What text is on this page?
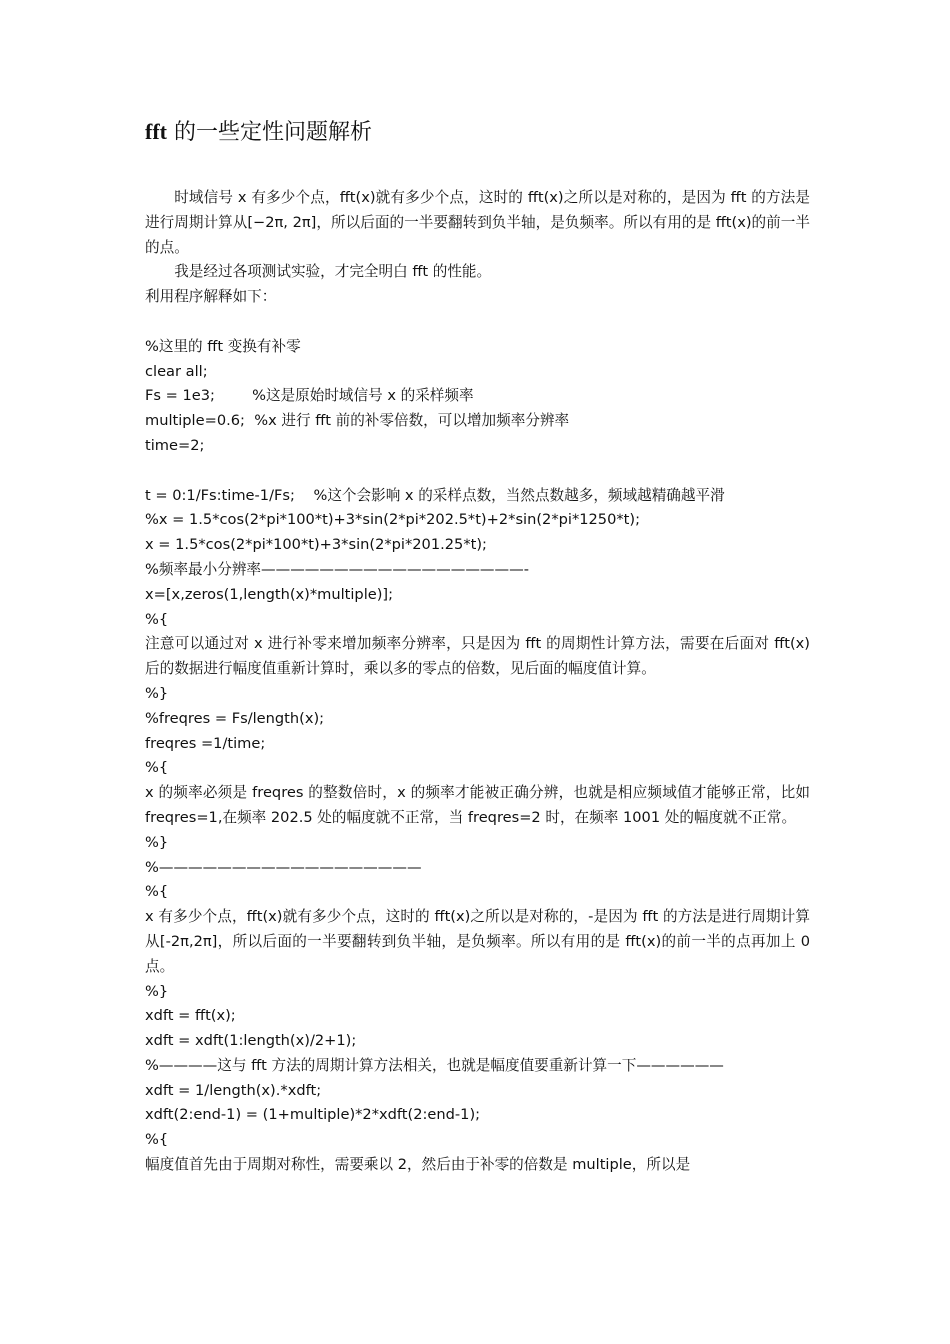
fft 的一些定性问题解析

时域信号 x 有多少个点，fft(x)就有多少个点，这时的 fft(x)之所以是对称的，是因为 fft 的方法是进行周期计算从[−2π, 2π]，所以后面的一半要翻转到负半轴，是负频率。所以有用的是 fft(x)的前一半的点。

我是经过各项测试实验，才完全明白 fft 的性能。

利用程序解释如下：

%这里的 fft 变换有补零

clear all;

Fs = 1e3;        %这是原始时域信号 x 的采样频率

multiple=0.6;  %x 进行 fft 前的补零倍数，可以增加频率分辨率

time=2;

t = 0:1/Fs:time-1/Fs;    %这个会影响 x 的采样点数，当然点数越多，频域越精确越平滑

%x = 1.5*cos(2*pi*100*t)+3*sin(2*pi*202.5*t)+2*sin(2*pi*1250*t);

x = 1.5*cos(2*pi*100*t)+3*sin(2*pi*201.25*t);

%频率最小分辨率——————————————————-

x=[x,zeros(1,length(x)*multiple)];

%{

注意可以通过对 x 进行补零来增加频率分辨率，只是因为 fft 的周期性计算方法，需要在后面对 fft(x)后的数据进行幅度值重新计算时，乘以多的零点的倍数，见后面的幅度值计算。

%}

%freqres = Fs/length(x);

freqres =1/time;

%{

x 的频率必须是 freqres 的整数倍时，x 的频率才能被正确分辨，也就是相应频域值才能够正常，比如 freqres=1,在频率 202.5 处的幅度就不正常，当 freqres=2 时，在频率 1001 处的幅度就不正常。

%}

%——————————————————

%{

x 有多少个点，fft(x)就有多少个点，这时的 fft(x)之所以是对称的，-是因为 fft 的方法是进行周期计算从[-2π,2π]，所以后面的一半要翻转到负半轴，是负频率。所以有用的是 fft(x)的前一半的点再加上 0 点。

%}

xdft = fft(x);

xdft = xdft(1:length(x)/2+1);

%————这与 fft 方法的周期计算方法相关，也就是幅度值要重新计算一下——————

xdft = 1/length(x).*xdft;

xdft(2:end-1) = (1+multiple)*2*xdft(2:end-1);

%{

幅度值首先由于周期对称性，需要乘以 2，然后由于补零的倍数是 multiple，所以是
